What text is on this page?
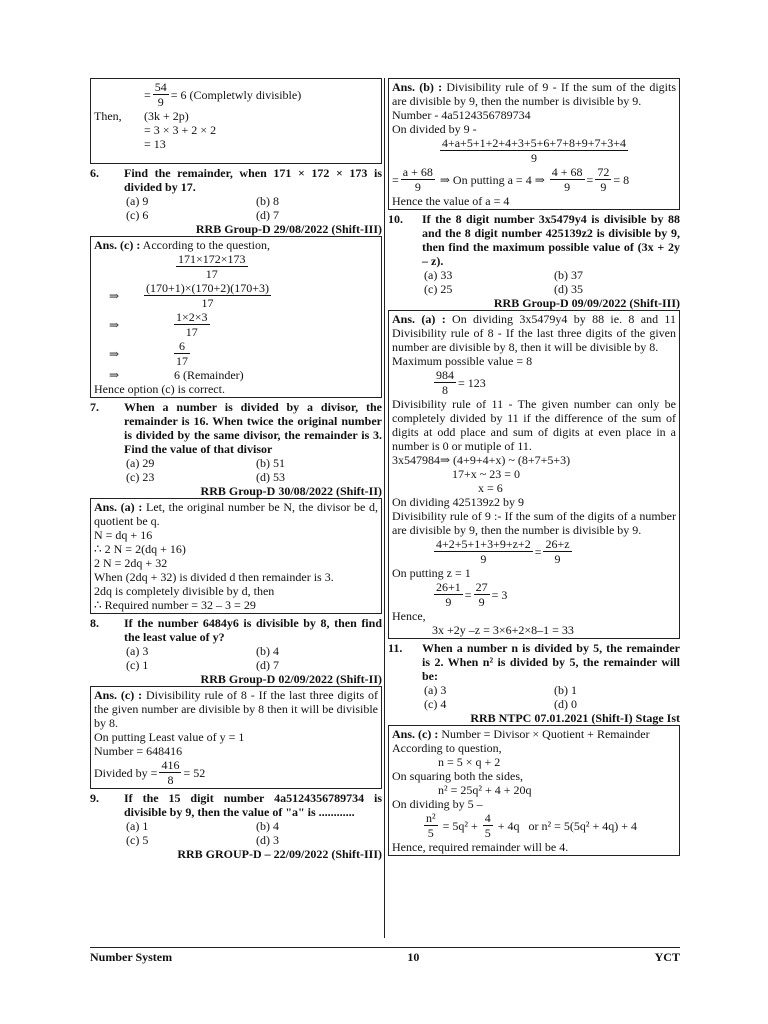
= $\frac{54}{9} = 6$ (Completwly divisible)
Then,	(3k + 2p)
= 3 × 3 + 2 × 2
= 13
6.	Find the remainder, when 171 × 172 × 173 is divided by 17.
(a) 9	(b) 8
(c) 6	(d) 7
RRB Group-D 29/08/2022 (Shift-III)
Ans. (c) : According to the question,
$\frac{171\times 172\times 173}{17}$
⇒	$\frac{(170+1)\times(170+2)(170+3)}{17}$
⇒	$\frac{1\times 2\times 3}{17}$
⇒	$\frac{6}{17}$
⇒	6 (Remainder)
Hence option (c) is correct.
7.	When a number is divided by a divisor, the remainder is 16. When twice the original number is divided by the same divisor, the remainder is 3. Find the value of that divisor
(a) 29	(b) 51
(c) 23	(d) 53
RRB Group-D 30/08/2022 (Shift-II)
Ans. (a) : Let, the original number be N, the divisor be d, quotient be q.
N = dq + 16
∴ 2 N = 2(dq + 16)
2 N = 2dq + 32
When (2dq + 32) is divided d then remainder is 3.
2dq is completely divisible by d, then
∴ Required number = 32 – 3 = 29
8.	If the number 6484y6 is divisible by 8, then find the least value of y?
(a) 3	(b) 4
(c) 1	(d) 7
RRB Group-D 02/09/2022 (Shift-II)
Ans. (c) : Divisibility rule of 8 - If the last three digits of the given number are divisible by 8 then it will be divisible by 8.
On putting Least value of y = 1
Number = 648416
Divided by = $\frac{416}{8} = 52$
9.	If the 15 digit number 4a5124356789734 is divisible by 9, then the value of "a" is ............
(a) 1	(b) 4
(c) 5	(d) 3
RRB GROUP-D – 22/09/2022 (Shift-III)
Ans. (b) : Divisibility rule of 9 - If the sum of the digits are divisible by 9, then the number is divisible by 9.
Number - 4a5124356789734
On divided by 9 -
$\frac{4+a+5+1+2+4+3+5+6+7+8+9+7+3+4}{9}$
= $\frac{a + 68}{9}$ ⇒ On putting a = 4 ⇒ $\frac{4 + 68}{9} = \frac{72}{9} = 8$
Hence the value of a = 4
10.	If the 8 digit number 3x5479y4 is divisible by 88 and the 8 digit number 425139z2 is divisible by 9, then find the maximum possible value of (3x + 2y – z).
(a) 33	(b) 37
(c) 25	(d) 35
RRB Group-D 09/09/2022 (Shift-III)
Ans. (a) : On dividing 3x5479y4 by 88 ie. 8 and 11 Divisibility rule of 8 - If the last three digits of the given number are divisible by 8, then it will be divisible by 8.
Maximum possible value = 8
$\frac{984}{8} = 123$
Divisibility rule of 11 - The given number can only be completely divided by 11 if the difference of the sum of digits at odd place and sum of digits at even place in a number is 0 or mutiple of 11.
3x547984⇒ (4+9+4+x) ~ (8+7+5+3)
17+x ~ 23 = 0
x = 6
On dividing 425139z2 by 9
Divisibility rule of 9 :- If the sum of the digits of a number are divisible by 9, then the number is divisible by 9.
$\frac{4+2+5+1+3+9+z+2}{9} = \frac{26+z}{9}$
On putting z = 1
$\frac{26+1}{9} = \frac{27}{9} = 3$
Hence,
3x +2y –z = 3×6+2×8–1 = 33
11.	When a number n is divided by 5, the remainder is 2. When n² is divided by 5, the remainder will be:
(a) 3	(b) 1
(c) 4	(d) 0
RRB NTPC 07.01.2021 (Shift-I) Stage Ist
Ans. (c) : Number = Divisor × Quotient + Remainder
According to question,
n = 5 × q + 2
On squaring both the sides,
n² = 25q² + 4 + 20q
On dividing by 5 –
$\frac{\text{n²}}{5} = 5q^2 + \frac{4}{5} + 4q$   or n² = 5(5q² + 4q) + 4
Hence, required remainder will be 4.
Number System	10	YCT
